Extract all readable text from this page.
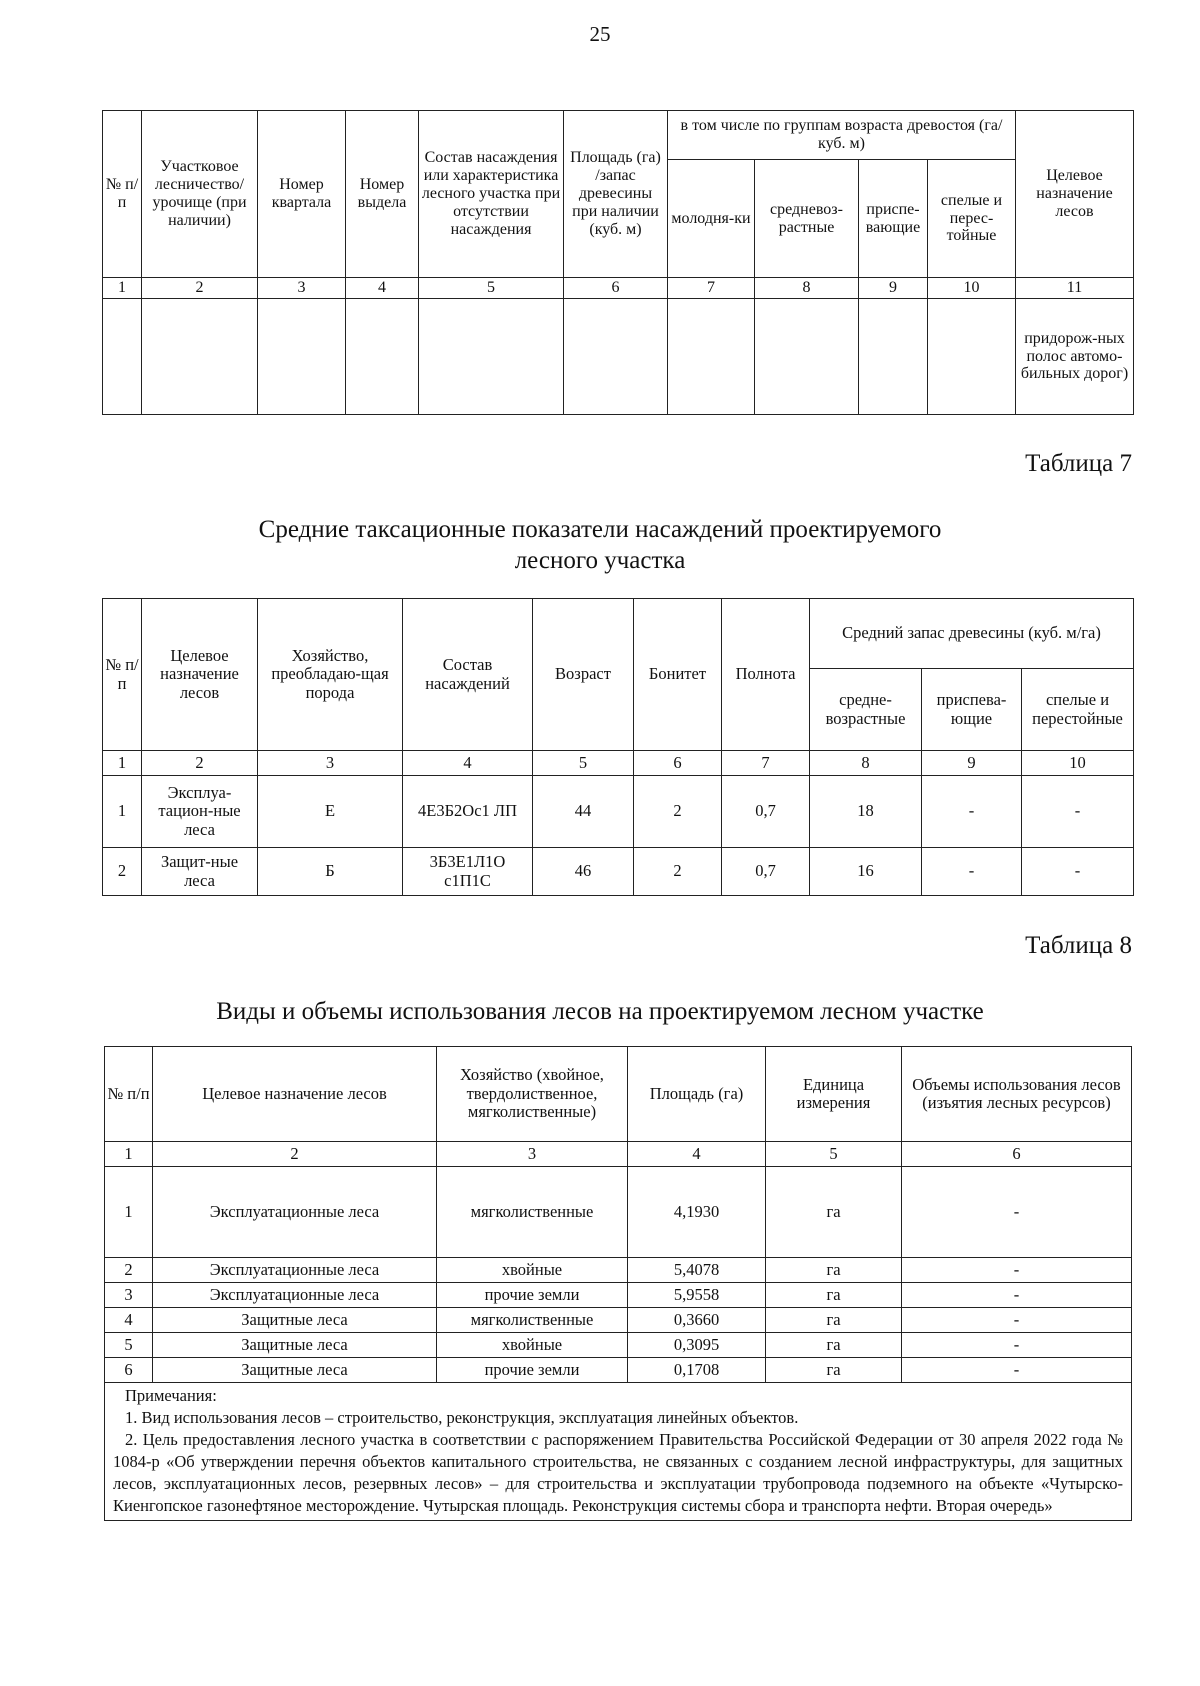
25
№ п/п	Участковое лесничество/ урочище (при наличии)	Номер квартала	Номер выдела	Состав насаждения или характеристика лесного участка при отсутствии насаждения	Площадь (га) /запас древесины при наличии (куб. м)	в том числе по группам возраста древостоя (га/куб. м)				Целевое назначение лесов
						молодня-ки	средневоз-растные	приспе-вающие	спелые и перес-тойные	
1	2	3	4	5	6	7	8	9	10	11
										придорож-ных полос автомо-бильных дорог)
Таблица 7
Средние таксационные показатели насаждений проектируемого лесного участка
№ п/п	Целевое назначение лесов	Хозяйство, преобладаю-щая порода	Состав насаждений	Возраст	Бонитет	Полнота	Средний запас древесины (куб. м/га)		
							средне-возрастные	приспева-ющие	спелые и перестойные
1	2	3	4	5	6	7	8	9	10
1	Эксплуа-тацион-ные леса	Е	4Е3Б2Ос1 ЛП	44	2	0,7	18	-	-
2	Защит-ные леса	Б	3Б3Е1Л1О с1П1С	46	2	0,7	16	-	-
Таблица 8
Виды и объемы использования лесов на проектируемом лесном участке
№ п/п	Целевое назначение лесов	Хозяйство (хвойное, твердолиственное, мягколиственные)	Площадь (га)	Единица измерения	Объемы использования лесов (изъятия лесных ресурсов)
1	2	3	4	5	6
1	Эксплуатационные леса	мягколиственные	4,1930	га	-
2	Эксплуатационные леса	хвойные	5,4078	га	-
3	Эксплуатационные леса	прочие земли	5,9558	га	-
4	Защитные леса	мягколиственные	0,3660	га	-
5	Защитные леса	хвойные	0,3095	га	-
6	Защитные леса	прочие земли	0,1708	га	-

Примечания:
1. Вид использования лесов – строительство, реконструкция, эксплуатация линейных объектов.
2. Цель предоставления лесного участка в соответствии с распоряжением Правительства Российской Федерации от 30 апреля 2022 года № 1084-р «Об утверждении перечня объектов капитального строительства, не связанных с созданием лесной инфраструктуры, для защитных лесов, эксплуатационных лесов, резервных лесов» – для строительства и эксплуатации трубопровода подземного на объекте «Чутырско-Киенгопское газонефтяное месторождение. Чутырская площадь. Реконструкция системы сбора и транспорта нефти. Вторая очередь»					
